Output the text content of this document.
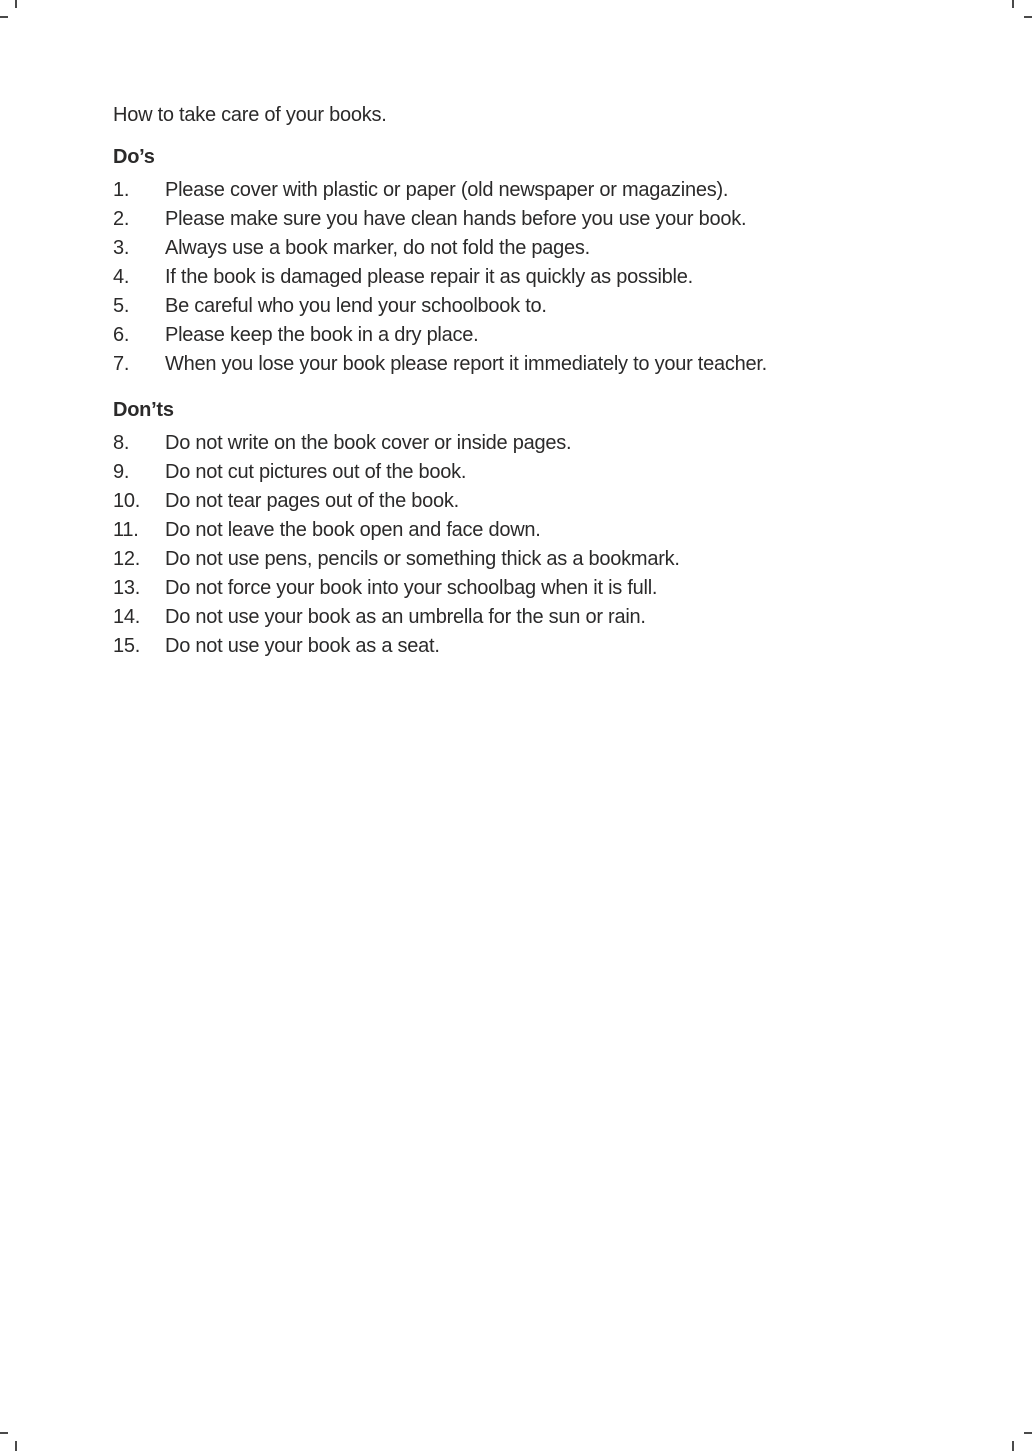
How to take care of your books.
Do’s
1.	Please cover with plastic or paper (old newspaper or magazines).
2.	Please make sure you have clean hands before you use your book.
3.	Always use a book marker, do not fold the pages.
4.	If the book is damaged please repair it as quickly as possible.
5.	Be careful who you lend your schoolbook to.
6.	Please keep the book in a dry place.
7.	When you lose your book please report it immediately to your teacher.
Don’ts
8.	Do not write on the book cover or inside pages.
9.	Do not cut pictures out of the book.
10.	Do not tear pages out of the book.
11.	Do not leave the book open and face down.
12.	Do not use pens, pencils or something thick as a bookmark.
13.	Do not force your book into your schoolbag when it is full.
14.	Do not use your book as an umbrella for the sun or rain.
15.	Do not use your book as a seat.
